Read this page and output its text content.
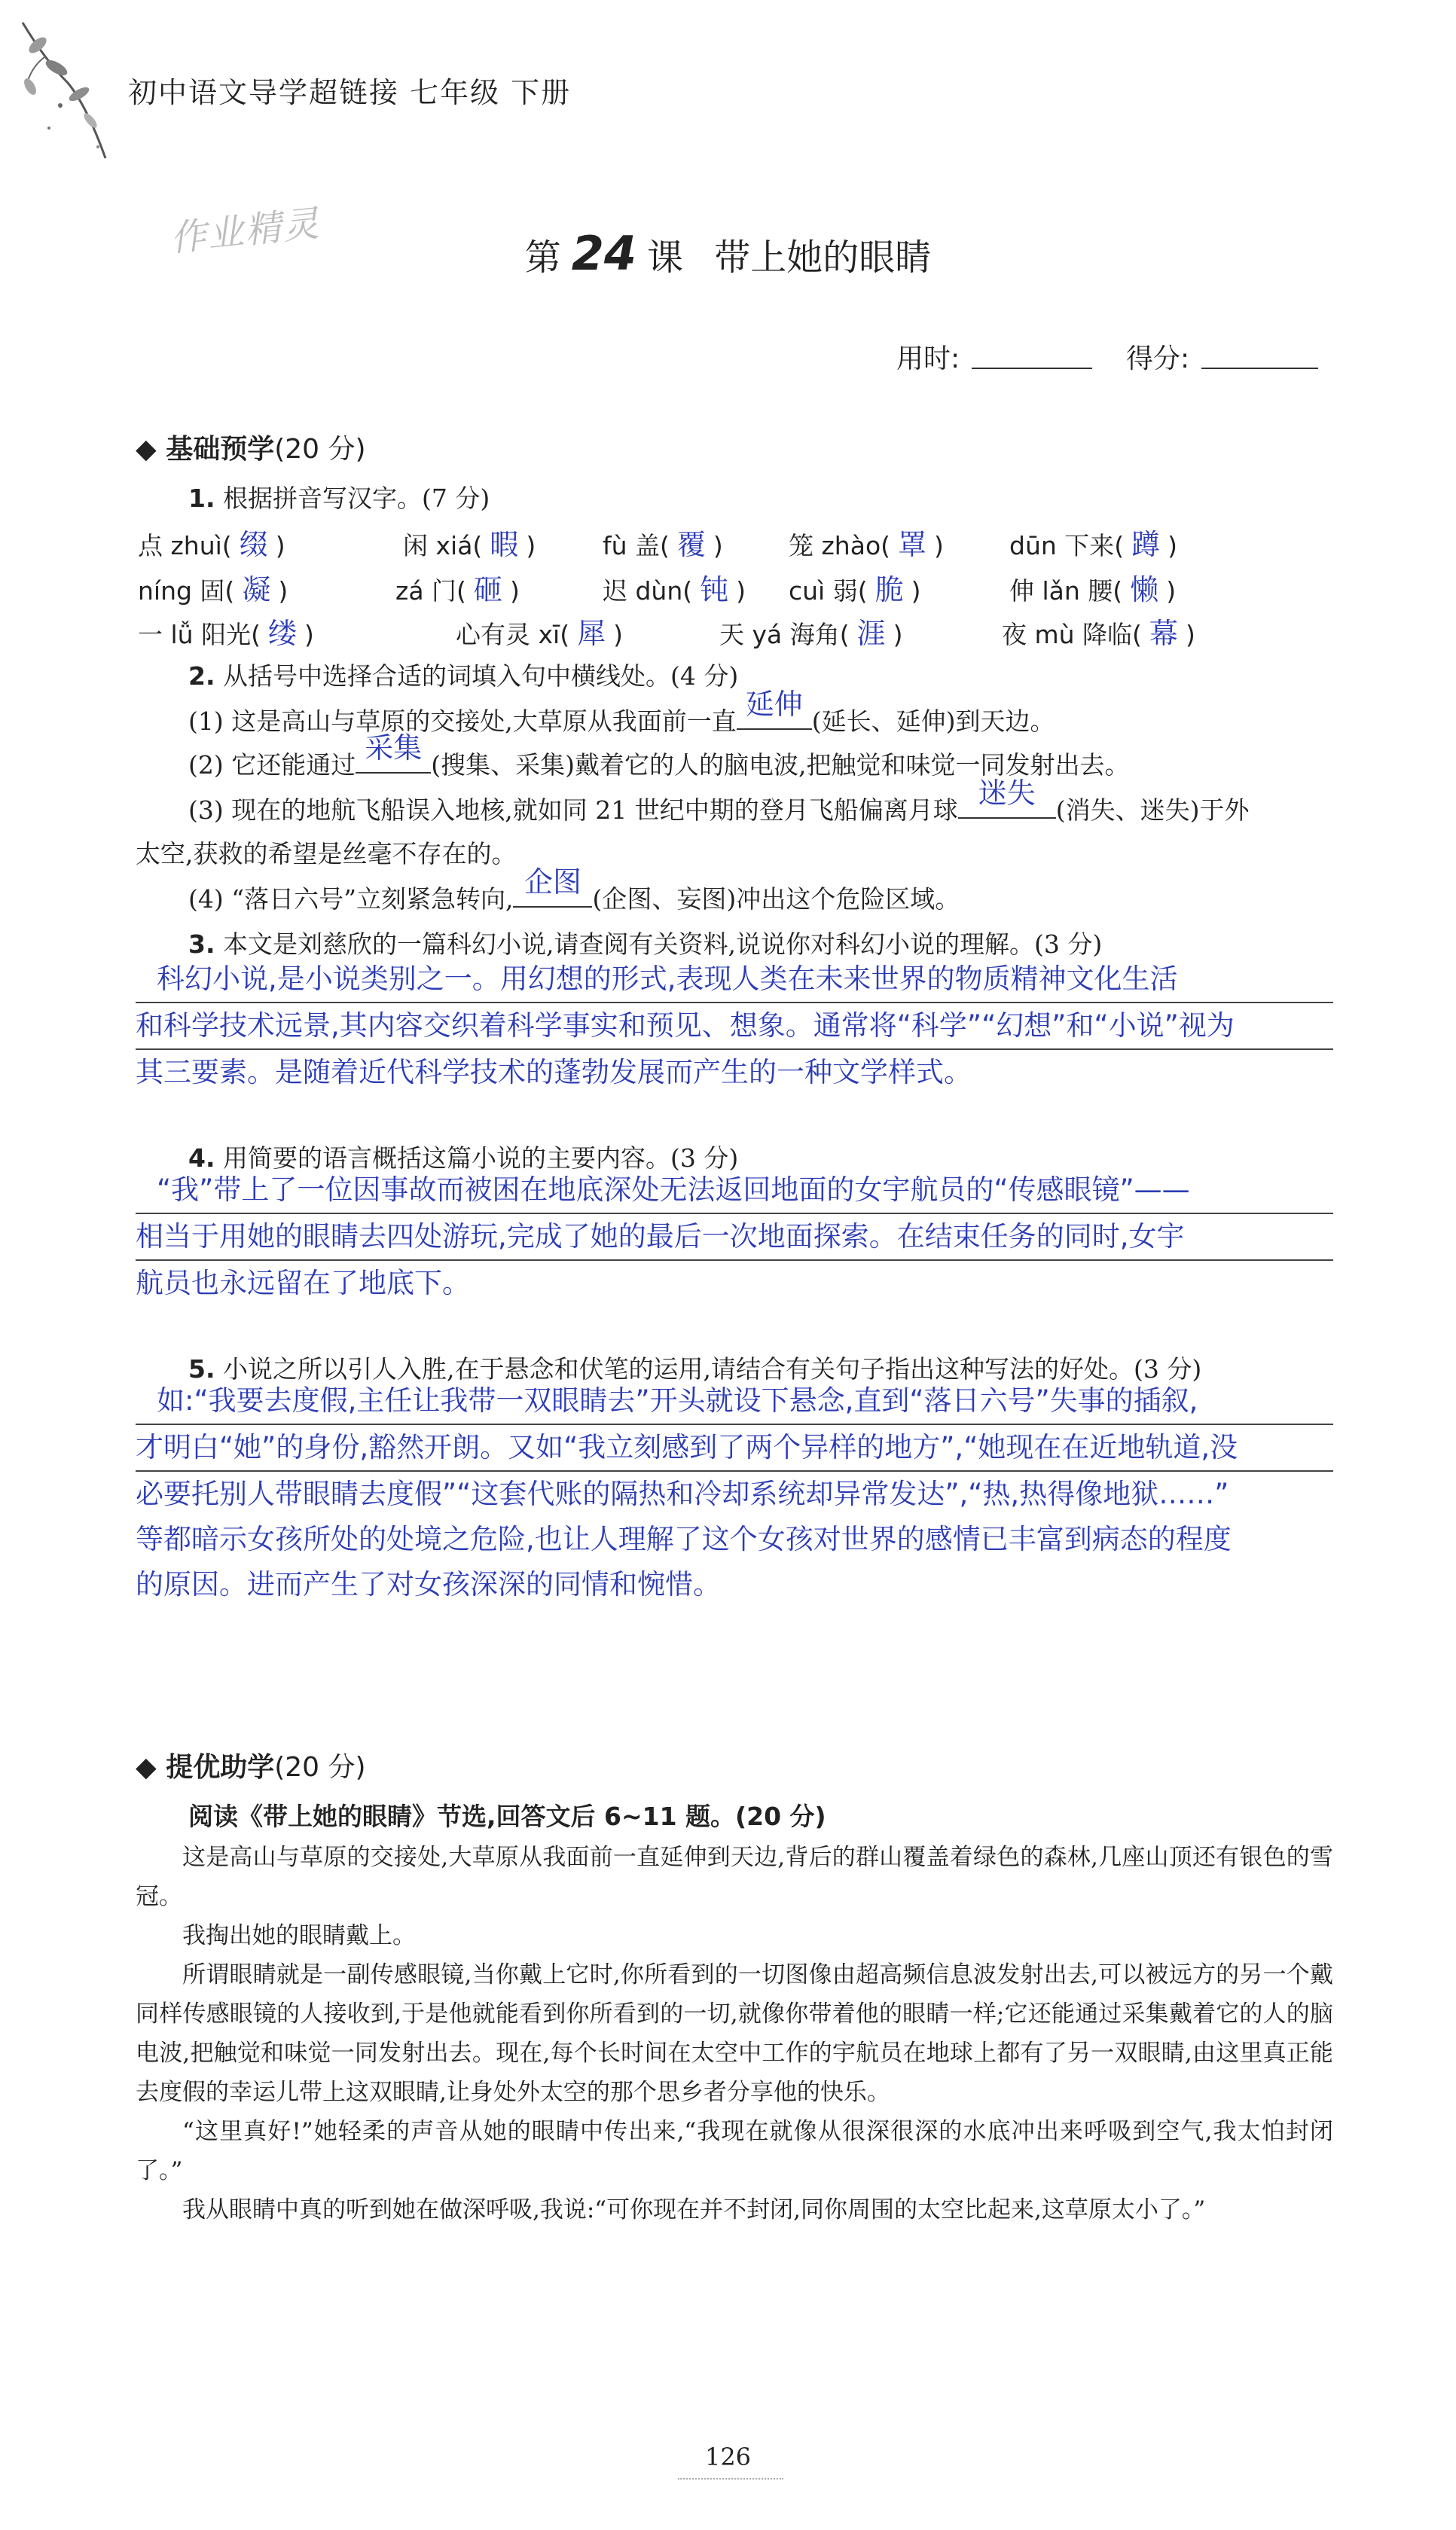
初中语文导学超链接 七年级 下册
作业精灵	第 24 课 带上她的眼睛
用时:	得分:
◆ 基础预学(20 分)
1. 根据拼音写汉字。(7 分)
点 zhuì( 缀 )	闲 xiá( 暇 )	fù 盖( 覆 )	笼 zhào( 罩 )	dūn 下来( 蹲 )
níng 固( 凝 )	zá 门( 砸 )	迟 dùn( 钝 ) cuì 弱( 脆 )	伸 lǎn 腰( 懒 )
一 lǚ 阳光( 缕 )	心有灵 xī( 犀 )	天 yá 海角( 涯 )	夜 mù 降临( 幕 )
2. 从括号中选择合适的词填入句中横线处。(4 分)
(1) 这是高山与草原的交接处,大草原从我面前一直
延伸
(延长、延伸)到天边。
(2) 它还能通过
采集
(搜集、采集)戴着它的人的脑电波,把触觉和味觉一同发射出去。
(3) 现在的地航飞船误入地核,就如同 21 世纪中期的登月飞船偏离月球
迷失
(消失、迷失)于外
太空,获救的希望是丝毫不存在的。
(4) “落日六号”立刻紧急转向,
企图
(企图、妄图)冲出这个危险区域。
3. 本文是刘慈欣的一篇科幻小说,请查阅有关资料,说说你对科幻小说的理解。(3 分)
科幻小说,是小说类别之一。用幻想的形式,表现人类在未来世界的物质精神文化生活
和科学技术远景,其内容交织着科学事实和预见、想象。通常将“科学”“幻想”和“小说”视为
其三要素。是随着近代科学技术的蓬勃发展而产生的一种文学样式。
4. 用简要的语言概括这篇小说的主要内容。(3 分)
“我”带上了一位因事故而被困在地底深处无法返回地面的女宇航员的“传感眼镜”——
相当于用她的眼睛去四处游玩,完成了她的最后一次地面探索。在结束任务的同时,女宇
航员也永远留在了地底下。
5. 小说之所以引人入胜,在于悬念和伏笔的运用,请结合有关句子指出这种写法的好处。(3 分)
如:“我要去度假,主任让我带一双眼睛去”开头就设下悬念,直到“落日六号”失事的插叙,
才明白“她”的身份,豁然开朗。又如“我立刻感到了两个异样的地方”,“她现在在近地轨道,没
必要托别人带眼睛去度假”“这套代账的隔热和冷却系统却异常发达”,“热,热得像地狱……”
等都暗示女孩所处的处境之危险,也让人理解了这个女孩对世界的感情已丰富到病态的程度
的原因。进而产生了对女孩深深的同情和惋惜。
◆ 提优助学(20 分)
阅读《带上她的眼睛》节选,回答文后 6~11 题。(20 分)

这是高山与草原的交接处,大草原从我面前一直延伸到天边,背后的群山覆盖着绿色的森林,几座山顶还有银色的雪冠。

我掏出她的眼睛戴上。

所谓眼睛就是一副传感眼镜,当你戴上它时,你所看到的一切图像由超高频信息波发射出去,可以被远方的另一个戴同样传感眼镜的人接收到,于是他就能看到你所看到的一切,就像你带着他的眼睛一样;它还能通过采集戴着它的人的脑电波,把触觉和味觉一同发射出去。现在,每个长时间在太空中工作的宇航员在地球上都有了另一双眼睛,由这里真正能去度假的幸运儿带上这双眼睛,让身处外太空的那个思乡者分享他的快乐。

“这里真好!”她轻柔的声音从她的眼睛中传出来,“我现在就像从很深很深的水底冲出来呼吸到空气,我太怕封闭了。”

我从眼睛中真的听到她在做深呼吸,我说:“可你现在并不封闭,同你周围的太空比起来,这草原太小了。”

126
